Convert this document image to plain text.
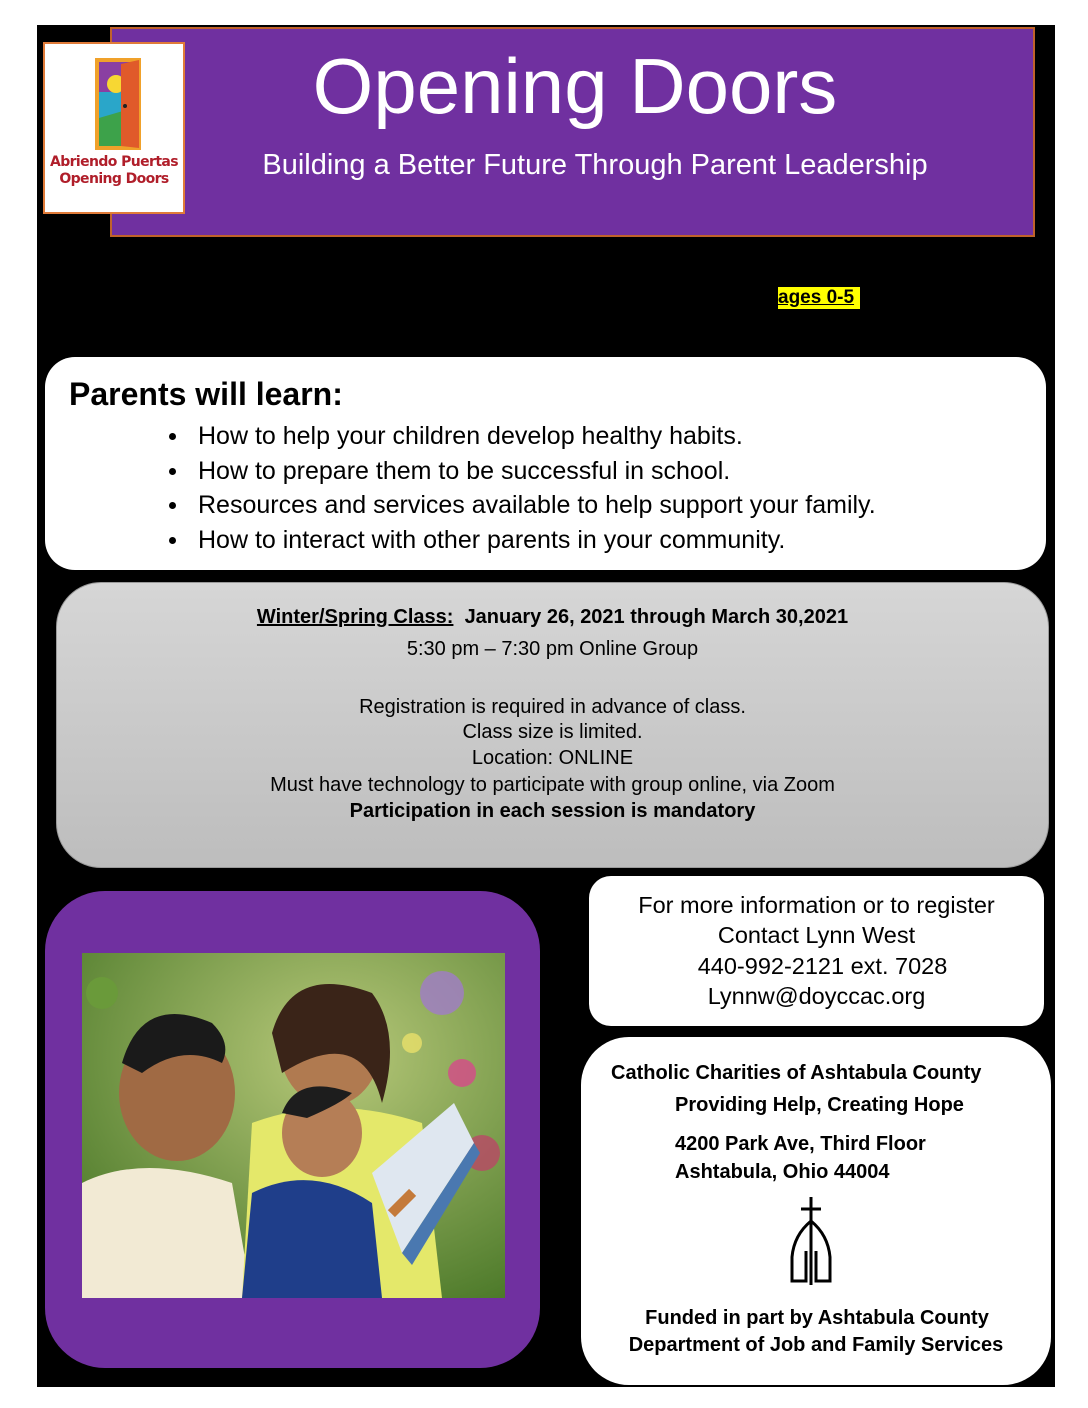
Abriendo Puertas
Opening Doors
Opening Doors
Building a Better Future Through Parent Leadership
ages 0-5
Parents will learn:
How to help your children develop healthy habits.
How to prepare them to be successful in school.
Resources and services available to help support your family.
How to interact with other parents in your community.
Winter/Spring Class: January 26, 2021 through March 30,2021
5:30 pm – 7:30 pm Online Group
Registration is required in advance of class.
Class size is limited.
Location: ONLINE
Must have technology to participate with group online, via Zoom
Participation in each session is mandatory
For more information or to register
Contact Lynn West
440-992-2121 ext. 7028
Lynnw@doyccac.org
Catholic Charities of Ashtabula County
Providing Help, Creating Hope
4200 Park Ave, Third Floor
Ashtabula, Ohio 44004
Funded in part by Ashtabula County
Department of Job and Family Services
